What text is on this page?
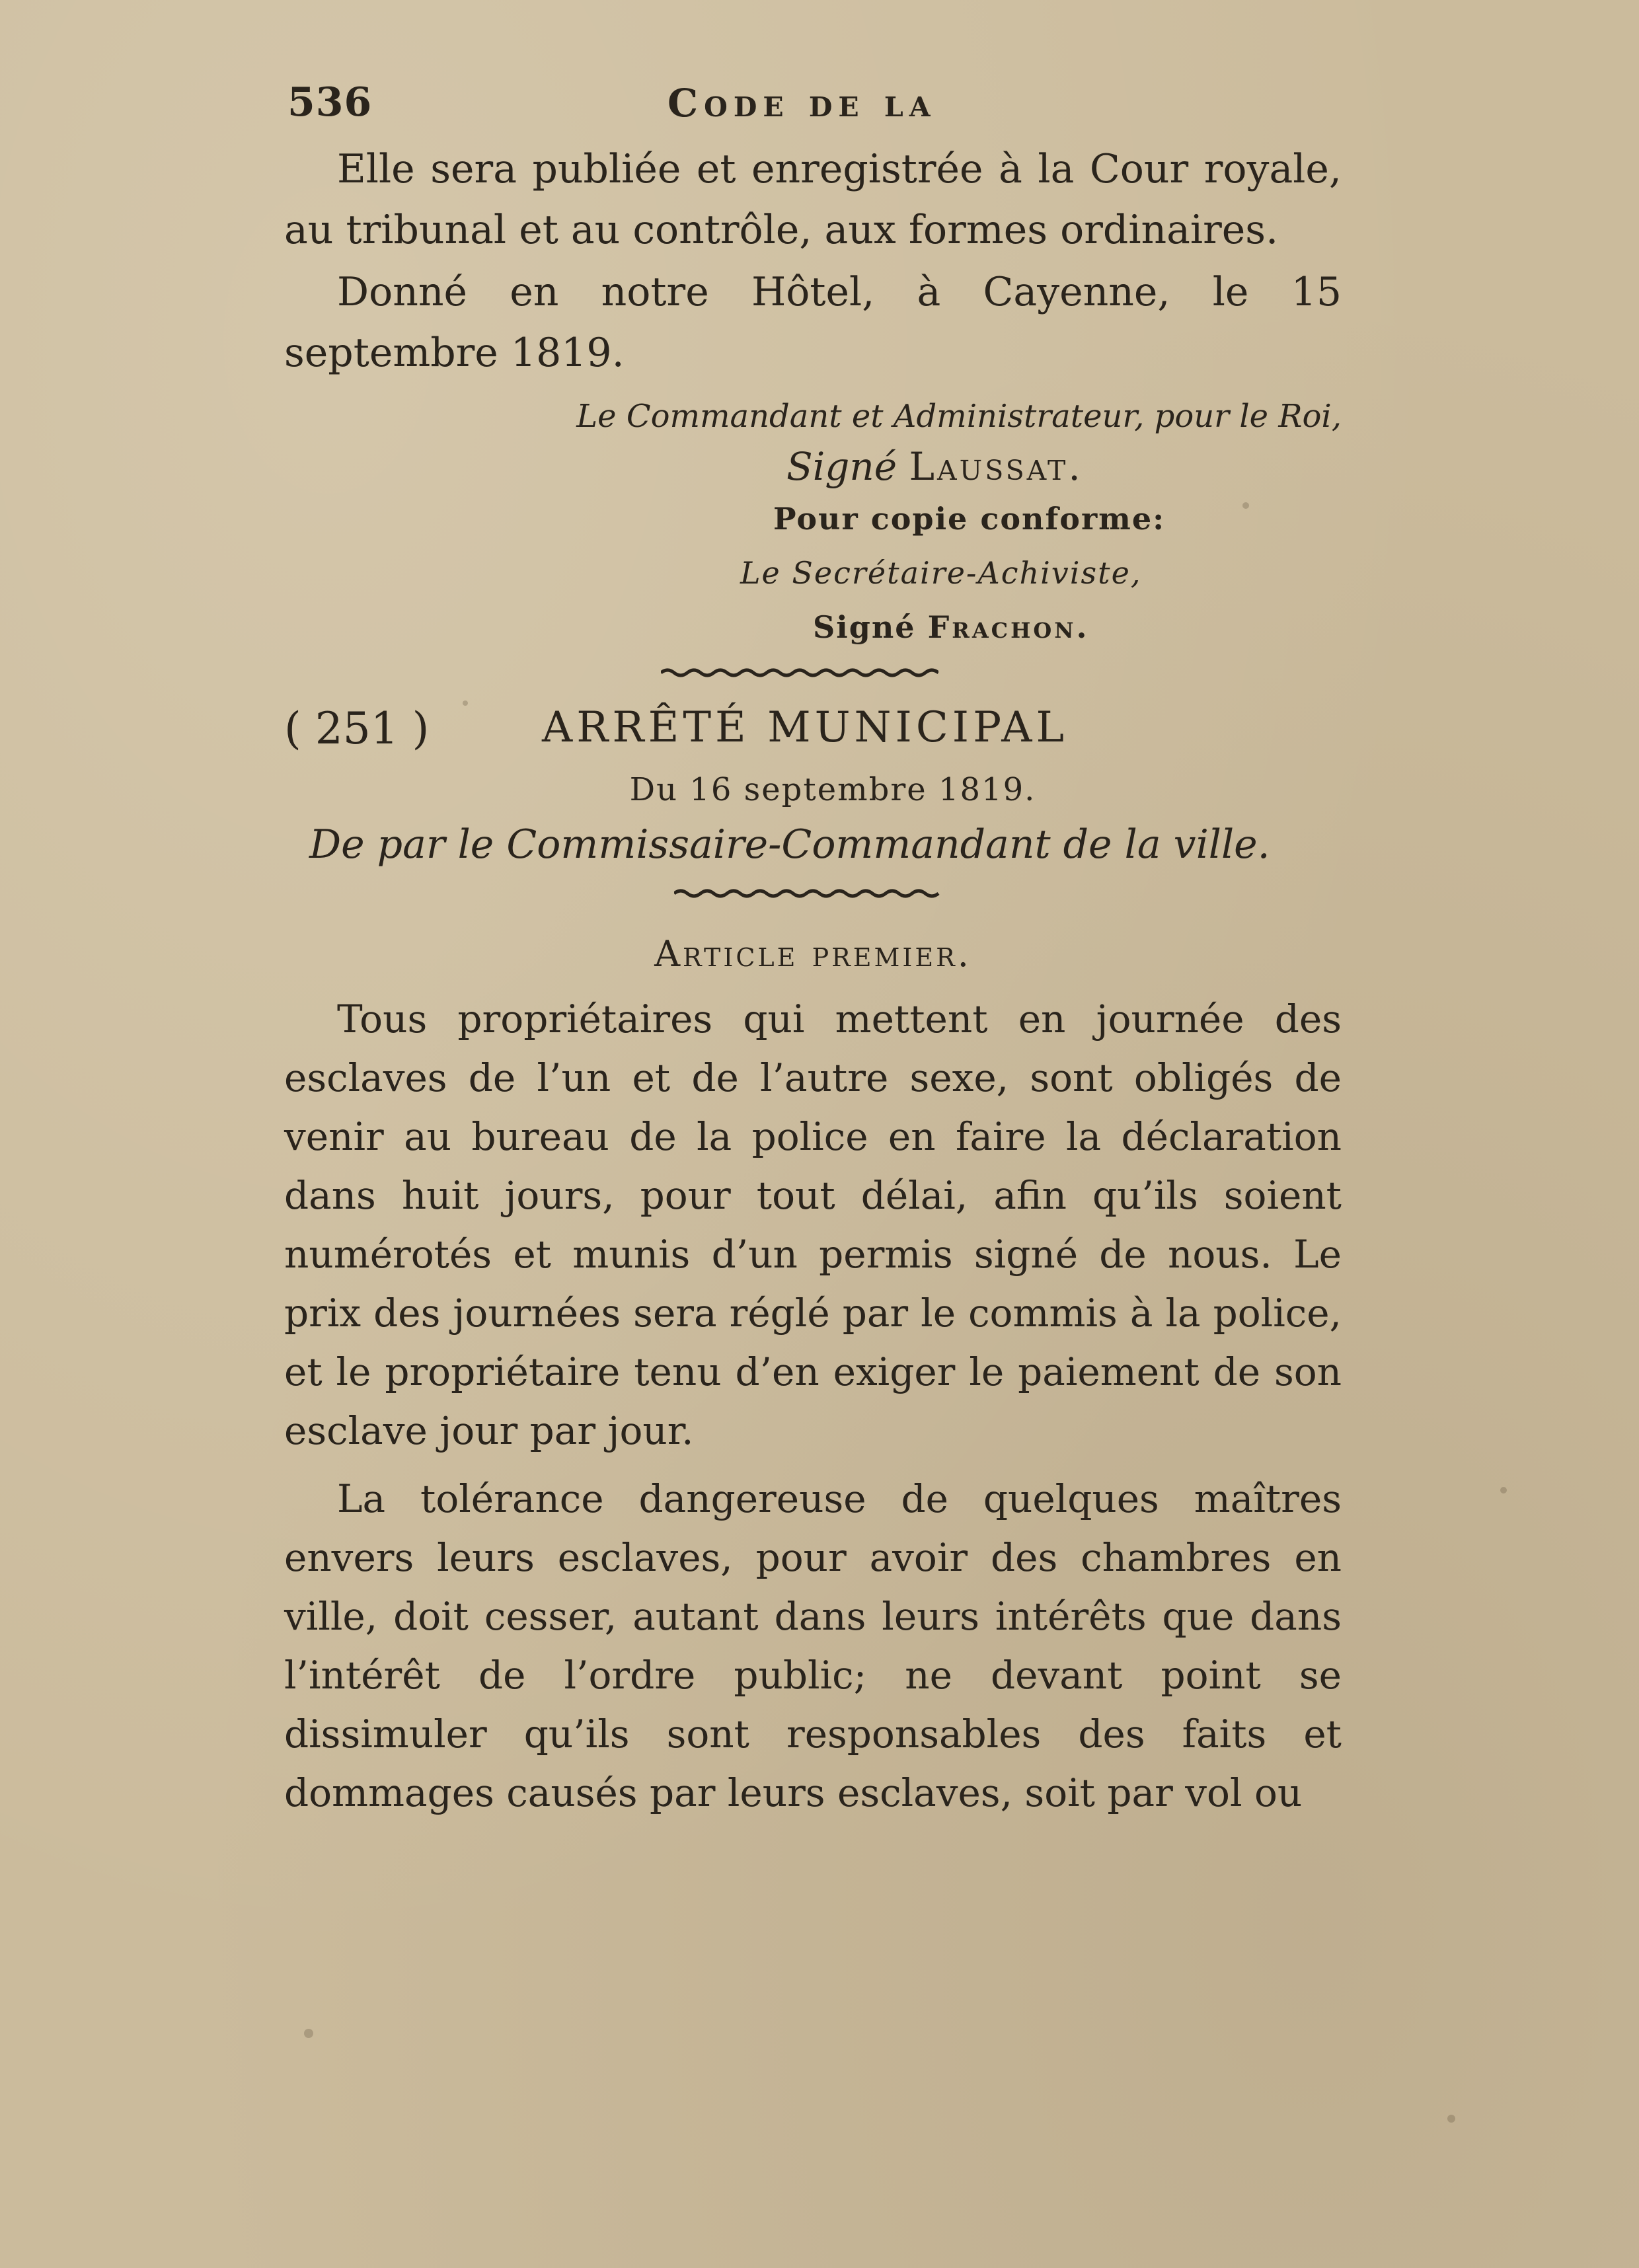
536	Code de la

Elle sera publiée et enregistrée à la Cour royale, au tribunal et au contrôle, aux formes ordinaires.

Donné en notre Hôtel, à Cayenne, le 15 septembre 1819.

Le Commandant et Administrateur, pour le Roi,

Signé Laussat.

Pour copie conforme:

Le Secrétaire-Achiviste,

Signé Frachon.

( 251 )	ARRÊTÉ MUNICIPAL

Du 16 septembre 1819.

De par le Commissaire-Commandant de la ville.

Article premier.

Tous propriétaires qui mettent en journée des esclaves de l’un et de l’autre sexe, sont obligés de venir au bureau de la police en faire la déclaration dans huit jours, pour tout délai, afin qu’ils soient numérotés et munis d’un permis signé de nous. Le prix des journées sera réglé par le commis à la police, et le propriétaire tenu d’en exiger le paiement de son esclave jour par jour.

La tolérance dangereuse de quelques maîtres envers leurs esclaves, pour avoir des chambres en ville, doit cesser, autant dans leurs intérêts que dans l’intérêt de l’ordre public; ne devant point se dissimuler qu’ils sont responsables des faits et dommages causés par leurs esclaves, soit par vol ou
